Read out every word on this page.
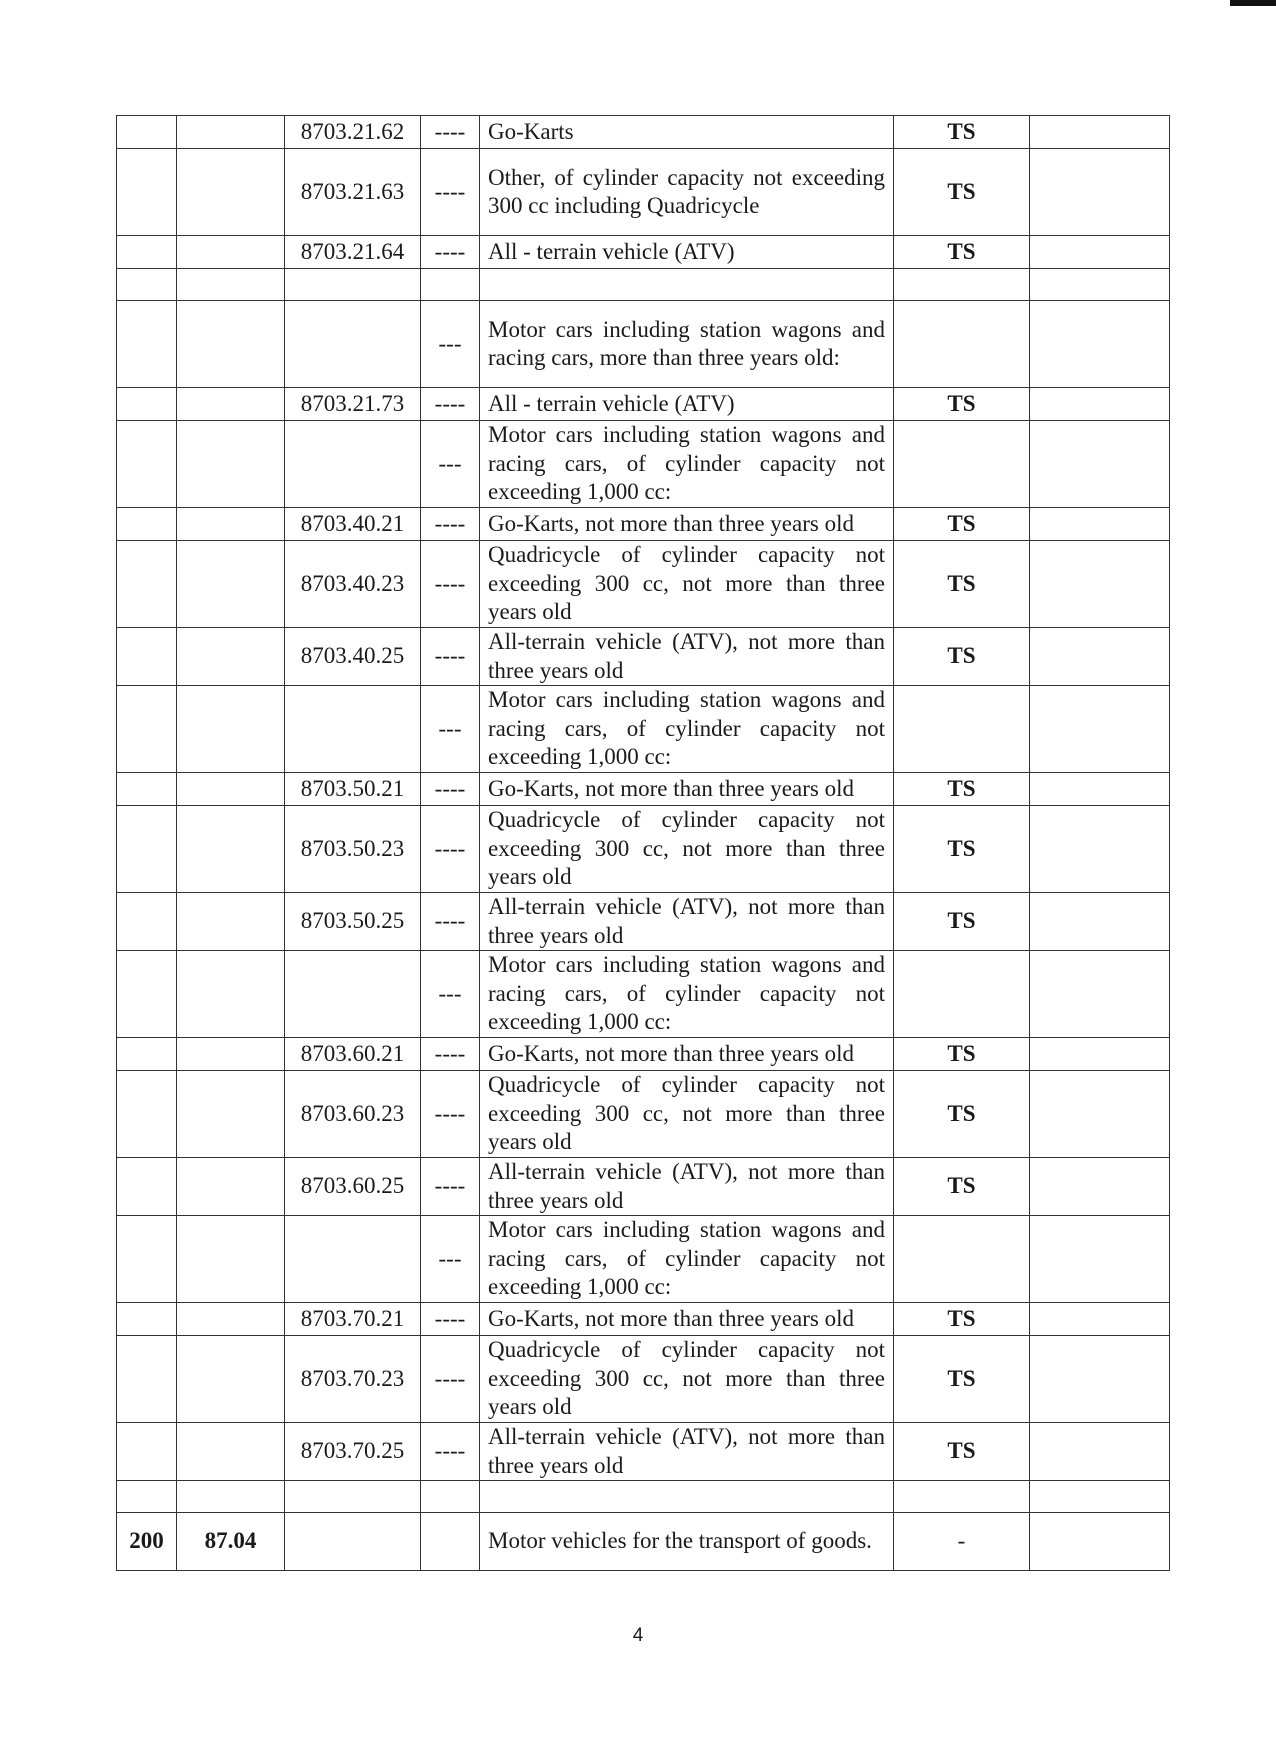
		8703.21.62	----	Go-Karts	TS	
		8703.21.63	----	Other, of cylinder capacity not exceeding 300 cc including Quadricycle	TS	
		8703.21.64	----	All - terrain vehicle (ATV)	TS	

			---	Motor cars including station wagons and racing cars, more than three years old:		
		8703.21.73	----	All - terrain vehicle (ATV)	TS	
			---	Motor cars including station wagons and racing cars, of cylinder capacity not exceeding 1,000 cc:		
		8703.40.21	----	Go-Karts, not more than three years old	TS	
		8703.40.23	----	Quadricycle of cylinder capacity not exceeding 300 cc, not more than three years old	TS	
		8703.40.25	----	All-terrain vehicle (ATV), not more than three years old	TS	
			---	Motor cars including station wagons and racing cars, of cylinder capacity not exceeding 1,000 cc:		
		8703.50.21	----	Go-Karts, not more than three years old	TS	
		8703.50.23	----	Quadricycle of cylinder capacity not exceeding 300 cc, not more than three years old	TS	
		8703.50.25	----	All-terrain vehicle (ATV), not more than three years old	TS	
			---	Motor cars including station wagons and racing cars, of cylinder capacity not exceeding 1,000 cc:		
		8703.60.21	----	Go-Karts, not more than three years old	TS	
		8703.60.23	----	Quadricycle of cylinder capacity not exceeding 300 cc, not more than three years old	TS	
		8703.60.25	----	All-terrain vehicle (ATV), not more than three years old	TS	
			---	Motor cars including station wagons and racing cars, of cylinder capacity not exceeding 1,000 cc:		
		8703.70.21	----	Go-Karts, not more than three years old	TS	
		8703.70.23	----	Quadricycle of cylinder capacity not exceeding 300 cc, not more than three years old	TS	
		8703.70.25	----	All-terrain vehicle (ATV), not more than three years old	TS	

200	87.04			Motor vehicles for the transport of goods.	-	
4
